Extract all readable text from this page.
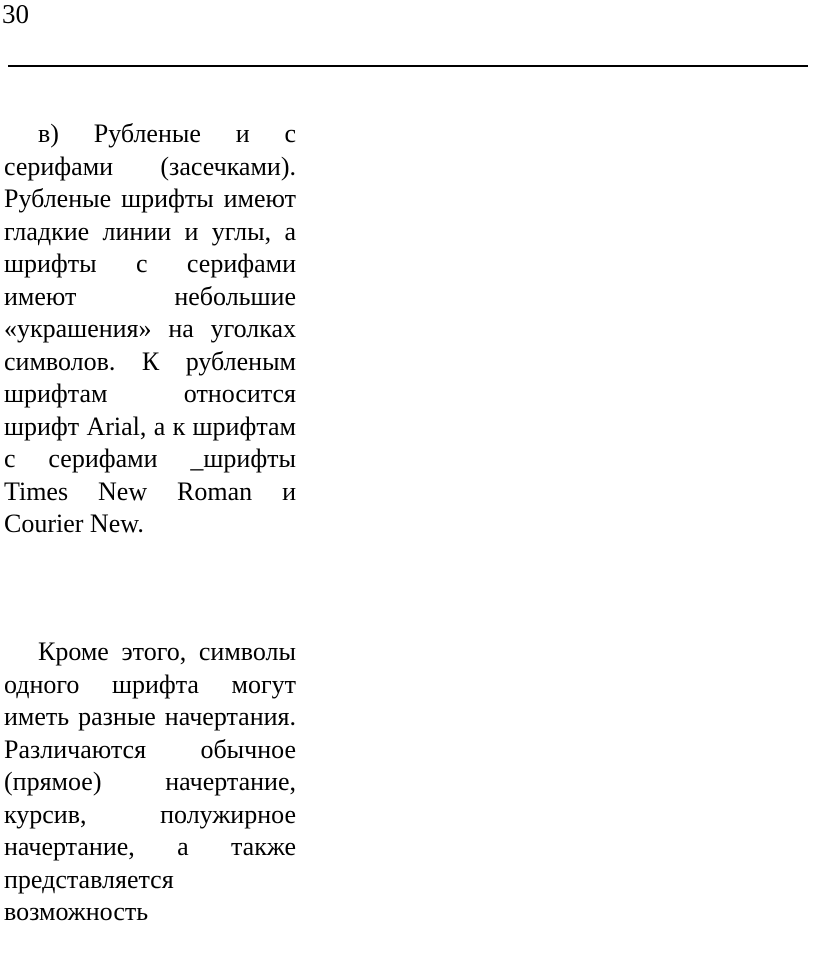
30

в) Рубленые и с серифами (засечками). Рубленые шрифты имеют гладкие линии и углы, а шрифты с серифами имеют небольшие «украшения» на уголках символов. К рубленым шрифтам относится шрифт Arial, а к шрифтам с серифами _шрифты Times New Roman и Courier New.

Кроме этого, символы одного шрифта могут иметь разные начертания. Различаются обычное (прямое) начертание, курсив, полужирное начертание, а также представляется возможность
